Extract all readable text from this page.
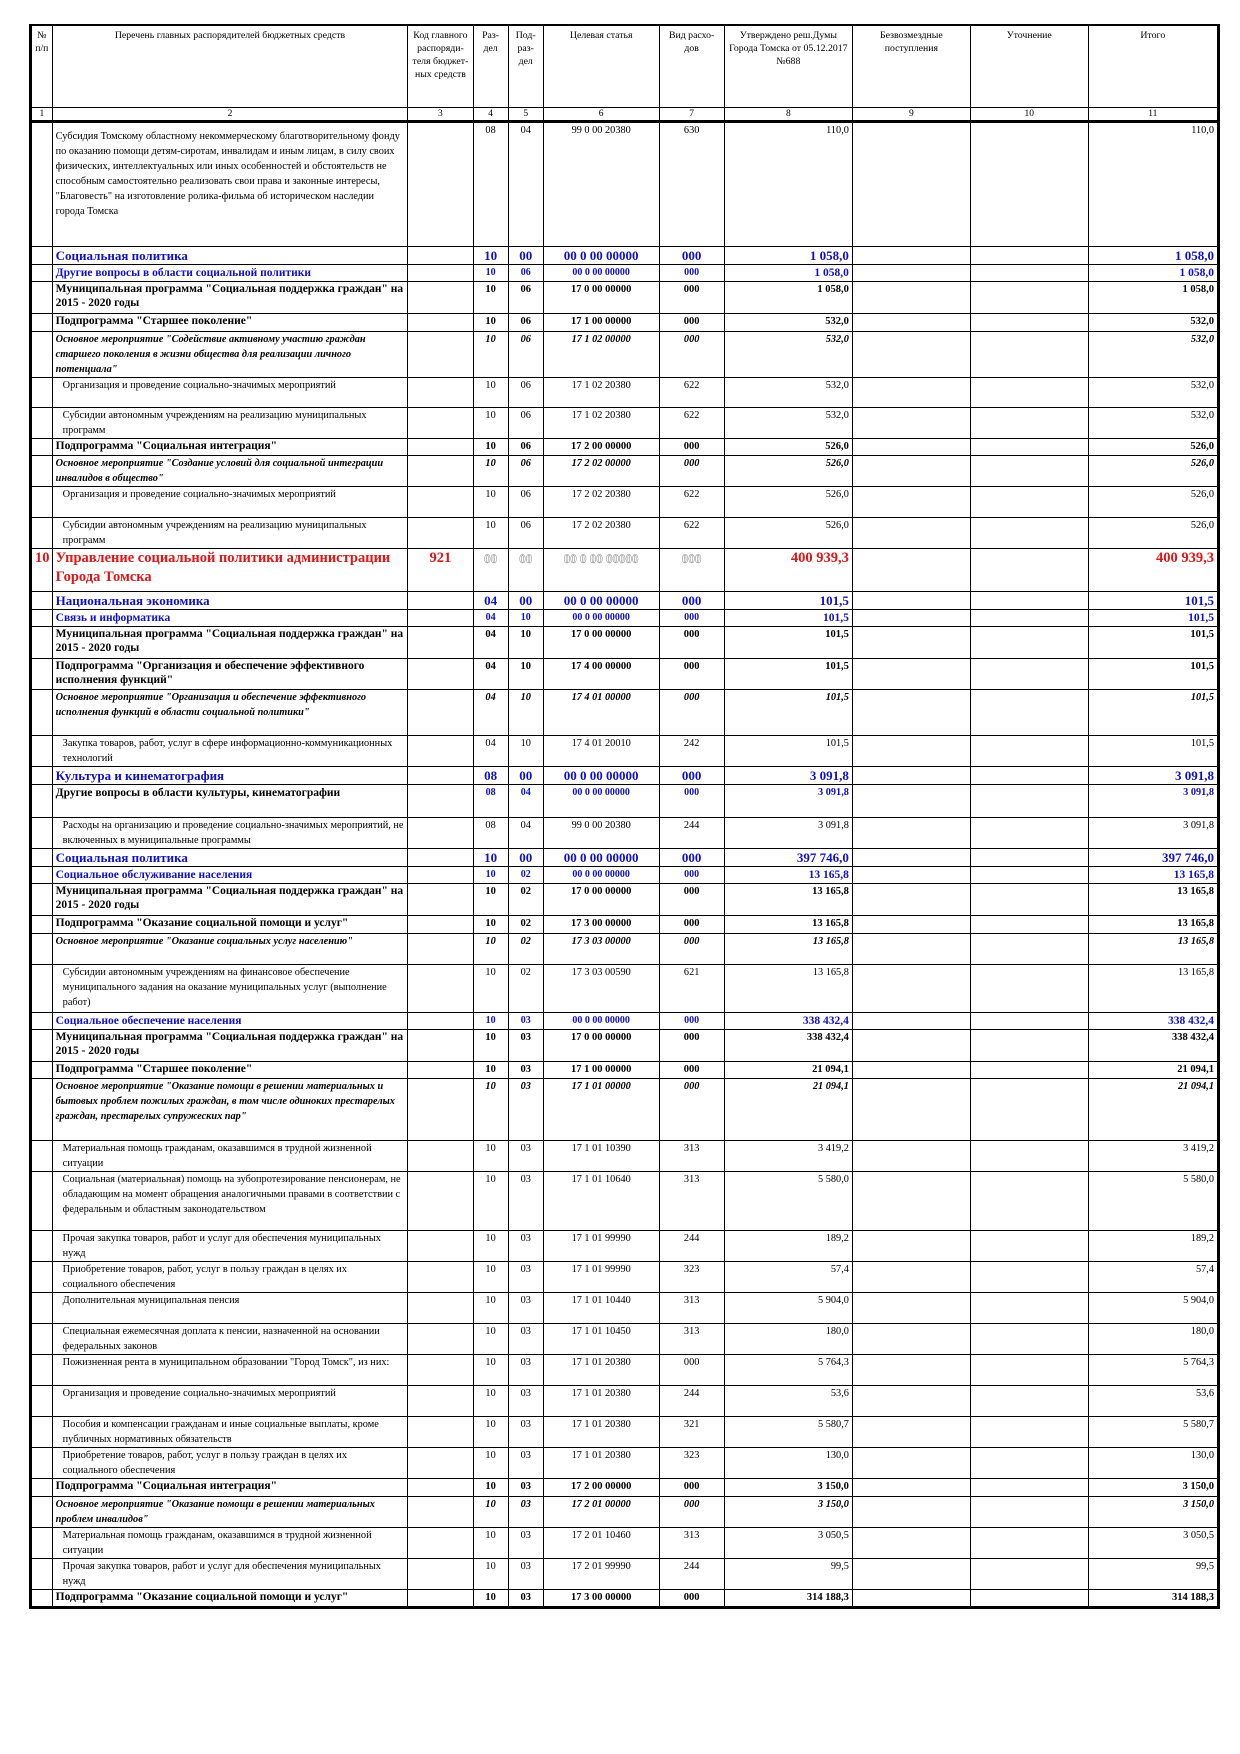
№ п/п	Перечень главных распорядителей бюджетных средств	Код главного распоряди- теля бюджет- ных средств	Раз- дел	Под- раз- дел	Целевая статья	Вид расхо- дов	Утверждено реш.Думы Города Томска от 05.12.2017 №688	Безвозмездные поступления	Уточнение	Итого
1	2	3	4	5	6	7	8	9	10	11
	Субсидия Томскому областному некоммерческому благотворительному фонду по оказанию помощи детям-сиротам, инвалидам и иным лицам, в силу своих физических, интеллектуальных или иных особенностей и обстоятельств не способным самостоятельно реализовать свои права и законные интересы, "Благовесть" на изготовление ролика-фильма об историческом наследии города Томска		08	04	99 0 00 20380	630	110,0			110,0
	Социальная политика		10	00	00 0 00 00000	000	1 058,0			1 058,0
	Другие вопросы в области социальной политики		10	06	00 0 00 00000	000	1 058,0			1 058,0
	Муниципальная программа "Социальная поддержка граждан" на 2015 - 2020 годы		10	06	17 0 00 00000	000	1 058,0			1 058,0
	Подпрограмма "Старшее поколение"		10	06	17 1 00 00000	000	532,0			532,0
	Основное мероприятие "Содействие активному участию граждан старшего поколения в жизни общества для реализации личного потенциала"		10	06	17 1 02 00000	000	532,0			532,0
	Организация и проведение социально-значимых мероприятий		10	06	17 1 02 20380	622	532,0			532,0
	Субсидии автономным учреждениям на реализацию муниципальных программ		10	06	17 1 02 20380	622	532,0			532,0
	Подпрограмма "Социальная интеграция"		10	06	17 2 00 00000	000	526,0			526,0
	Основное мероприятие "Создание условий для социальной интеграции инвалидов в общество"		10	06	17 2 02 00000	000	526,0			526,0
	Организация и проведение социально-значимых мероприятий		10	06	17 2 02 20380	622	526,0			526,0
	Субсидии автономным учреждениям на реализацию муниципальных программ		10	06	17 2 02 20380	622	526,0			526,0
10	Управление социальной политики администрации Города Томска	921	00	00	00 0 00 00000	000	400 939,3			400 939,3
	Национальная экономика		04	00	00 0 00 00000	000	101,5			101,5
	Связь и информатика		04	10	00 0 00 00000	000	101,5			101,5
	Муниципальная программа "Социальная поддержка граждан" на 2015 - 2020 годы		04	10	17 0 00 00000	000	101,5			101,5
	Подпрограмма "Организация и обеспечение эффективного исполнения функций"		04	10	17 4 00 00000	000	101,5			101,5
	Основное мероприятие "Организация и обеспечение эффективного исполнения функций в области социальной политики"		04	10	17 4 01 00000	000	101,5			101,5
	Закупка товаров, работ, услуг в сфере информационно-коммуникационных технологий		04	10	17 4 01 20010	242	101,5			101,5
	Культура и кинематография		08	00	00 0 00 00000	000	3 091,8			3 091,8
	Другие вопросы в области культуры, кинематографии		08	04	00 0 00 00000	000	3 091,8			3 091,8
	Расходы на организацию и проведение социально-значимых мероприятий, не включенных в муниципальные программы		08	04	99 0 00 20380	244	3 091,8			3 091,8
	Социальная политика		10	00	00 0 00 00000	000	397 746,0			397 746,0
	Социальное обслуживание населения		10	02	00 0 00 00000	000	13 165,8			13 165,8
	Муниципальная программа "Социальная поддержка граждан" на 2015 - 2020 годы		10	02	17 0 00 00000	000	13 165,8			13 165,8
	Подпрограмма "Оказание социальной помощи и услуг"		10	02	17 3 00 00000	000	13 165,8			13 165,8
	Основное мероприятие "Оказание социальных услуг населению"		10	02	17 3 03 00000	000	13 165,8			13 165,8
	Субсидии автономным учреждениям на финансовое обеспечение муниципального задания на оказание муниципальных услуг (выполнение работ)		10	02	17 3 03 00590	621	13 165,8			13 165,8
	Социальное обеспечение населения		10	03	00 0 00 00000	000	338 432,4			338 432,4
	Муниципальная программа "Социальная поддержка граждан" на 2015 - 2020 годы		10	03	17 0 00 00000	000	338 432,4			338 432,4
	Подпрограмма "Старшее поколение"		10	03	17 1 00 00000	000	21 094,1			21 094,1
	Основное мероприятие "Оказание помощи в решении материальных и бытовых проблем пожилых граждан, в том числе одиноких престарелых граждан, престарелых супружеских пар"		10	03	17 1 01 00000	000	21 094,1			21 094,1
	Материальная помощь гражданам, оказавшимся в трудной жизненной ситуации		10	03	17 1 01 10390	313	3 419,2			3 419,2
	Социальная (материальная) помощь на зубопротезирование пенсионерам, не обладающим на момент обращения аналогичными правами в соответствии с федеральным и областным законодательством		10	03	17 1 01 10640	313	5 580,0			5 580,0
	Прочая закупка товаров, работ и услуг для обеспечения муниципальных нужд		10	03	17 1 01 99990	244	189,2			189,2
	Приобретение товаров, работ, услуг в пользу граждан в целях их социального обеспечения		10	03	17 1 01 99990	323	57,4			57,4
	Дополнительная муниципальная пенсия		10	03	17 1 01 10440	313	5 904,0			5 904,0
	Специальная ежемесячная доплата к пенсии, назначенной на основании федеральных законов		10	03	17 1 01 10450	313	180,0			180,0
	Пожизненная рента в муниципальном образовании "Город Томск", из них:		10	03	17 1 01 20380	000	5 764,3			5 764,3
	Организация и проведение социально-значимых мероприятий		10	03	17 1 01 20380	244	53,6			53,6
	Пособия и компенсации гражданам и иные социальные выплаты, кроме публичных нормативных обязательств		10	03	17 1 01 20380	321	5 580,7			5 580,7
	Приобретение товаров, работ, услуг в пользу граждан в целях их социального обеспечения		10	03	17 1 01 20380	323	130,0			130,0
	Подпрограмма "Социальная интеграция"		10	03	17 2 00 00000	000	3 150,0			3 150,0
	Основное мероприятие "Оказание помощи в решении материальных проблем инвалидов"		10	03	17 2 01 00000	000	3 150,0			3 150,0
	Материальная помощь гражданам, оказавшимся в трудной жизненной ситуации		10	03	17 2 01 10460	313	3 050,5			3 050,5
	Прочая закупка товаров, работ и услуг для обеспечения муниципальных нужд		10	03	17 2 01 99990	244	99,5			99,5
	Подпрограмма "Оказание социальной помощи и услуг"		10	03	17 3 00 00000	000	314 188,3			314 188,3
